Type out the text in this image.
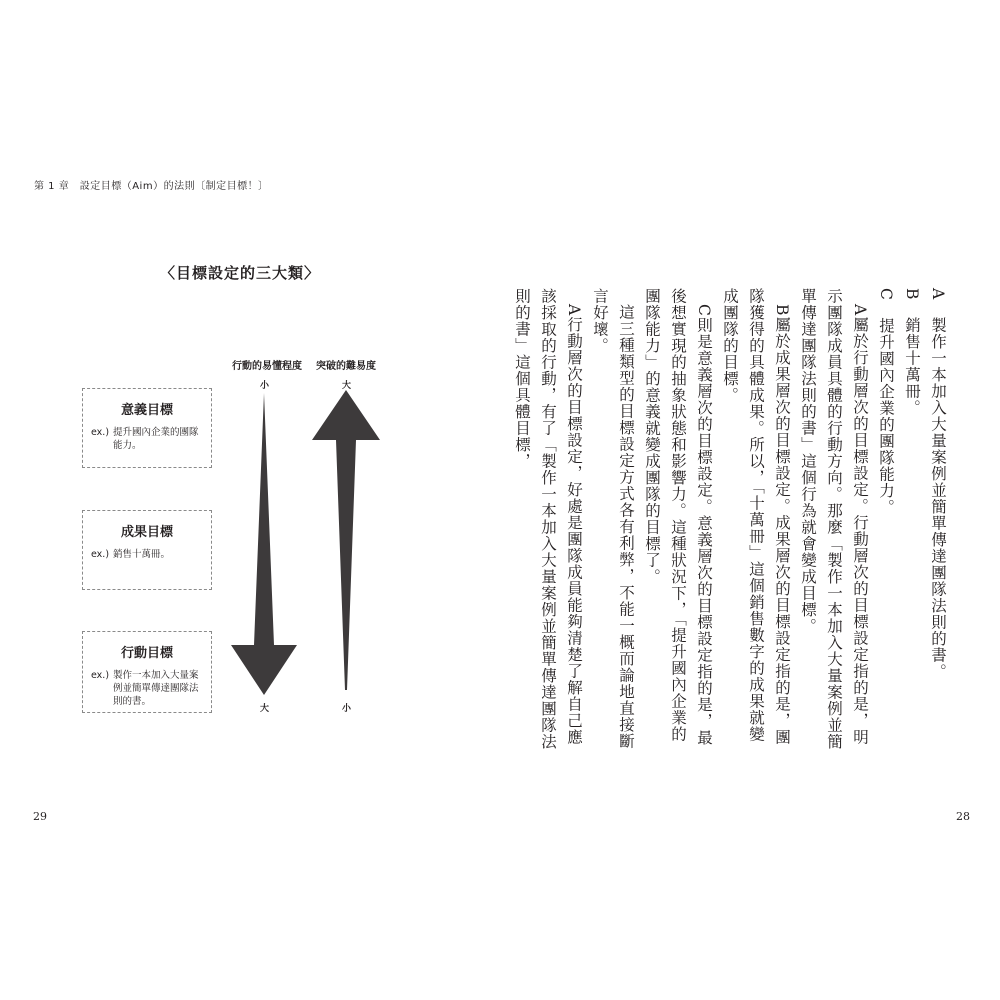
第 1 章　設定目標（Aim）的法則〔制定目標！〕
〈目標設定的三大類〉
行動的易懂程度 突破的難易度
小
大
大
小
意義目標
ex.) 提升國內企業的團隊能力。
成果目標
ex.) 銷售十萬冊。
行動目標
ex.) 製作一本加入大量案例並簡單傳達團隊法則的書。
29	28

A　製作一本加入大量案例並簡單傳達團隊法則的書。

B　銷售十萬冊。

C　提升國內企業的團隊能力。

A屬於行動層次的目標設定。行動層次的目標設定指的是，明示團隊成員具體的行動方向。那麼「製作一本加入大量案例並簡單傳達團隊法則的書」這個行為就會變成目標。

B屬於成果層次的目標設定。成果層次的目標設定指的是，團隊獲得的具體成果。所以，「十萬冊」這個銷售數字的成果就變成團隊的目標。

C則是意義層次的目標設定。意義層次的目標設定指的是，最後想實現的抽象狀態和影響力。這種狀況下，「提升國內企業的團隊能力」的意義就變成團隊的目標了。

這三種類型的目標設定方式各有利弊，不能一概而論地直接斷言好壞。

A行動層次的目標設定，好處是團隊成員能夠清楚了解自己應該採取的行動，有了「製作一本加入大量案例並簡單傳達團隊法則的書」這個具體目標，
